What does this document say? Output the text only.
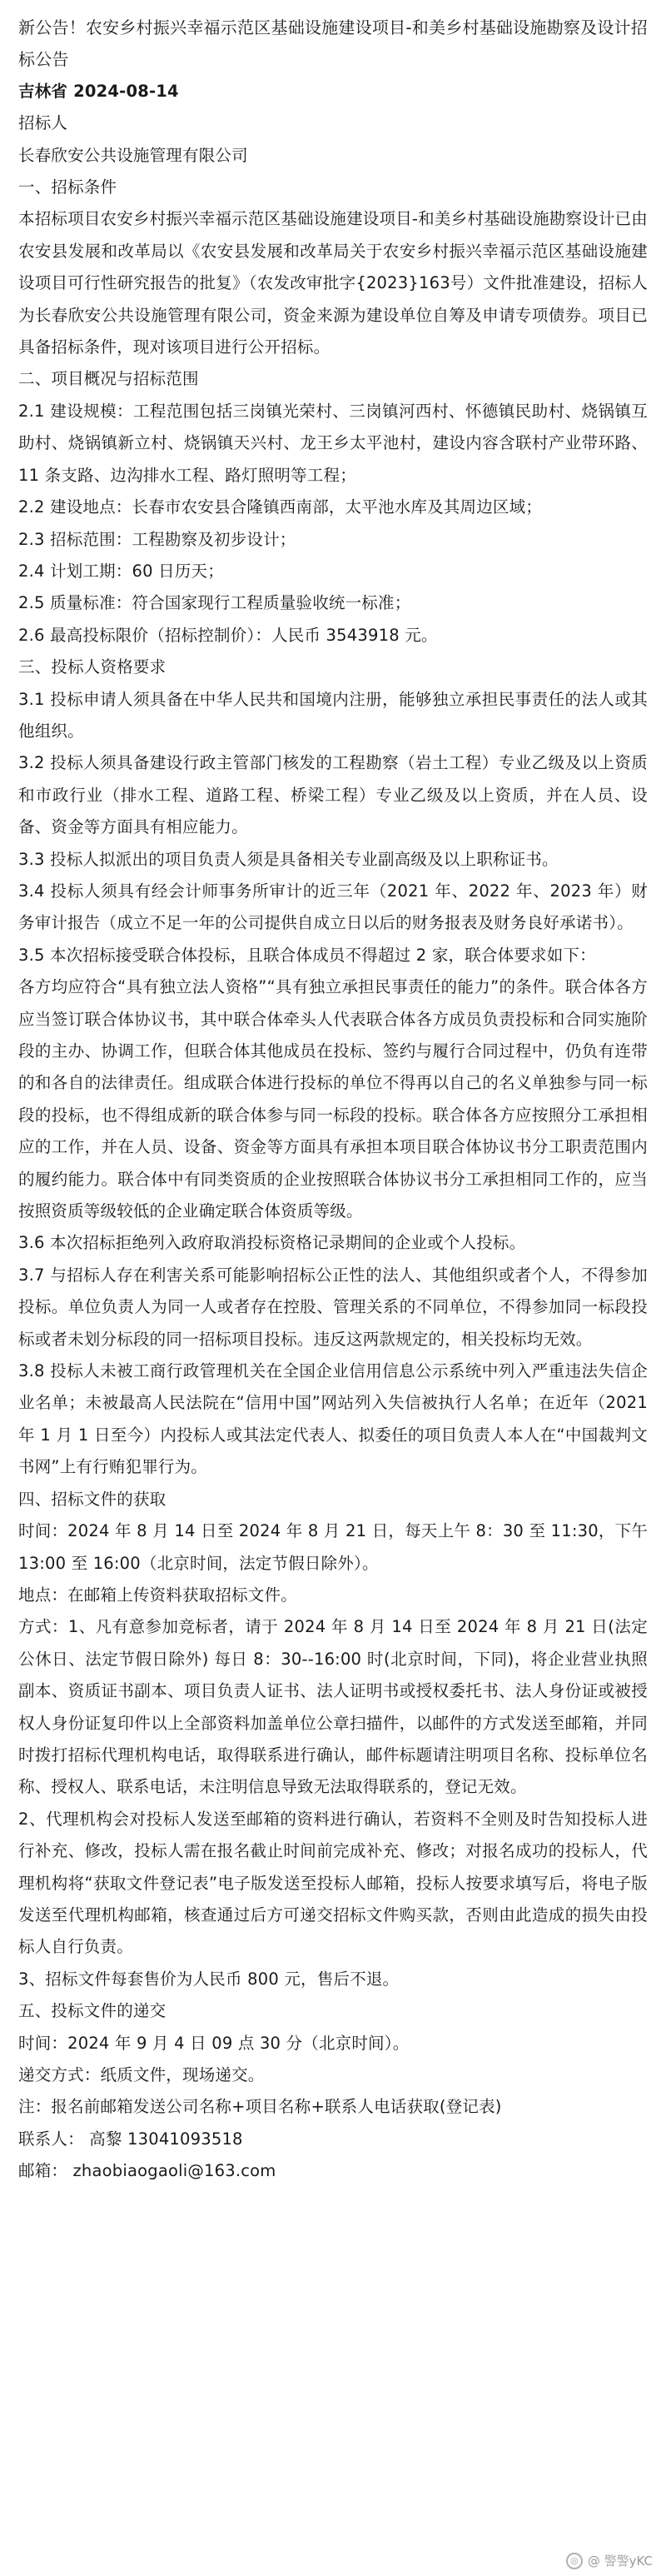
新公告！农安乡村振兴幸福示范区基础设施建设项目-和美乡村基础设施勘察及设计招标公告

吉林省 2024-08-14

招标人

长春欣安公共设施管理有限公司

一、招标条件

本招标项目农安乡村振兴幸福示范区基础设施建设项目-和美乡村基础设施勘察设计已由农安县发展和改革局以《农安县发展和改革局关于农安乡村振兴幸福示范区基础设施建设项目可行性研究报告的批复》（农发改审批字{2023}163号）文件批准建设，招标人为长春欣安公共设施管理有限公司，资金来源为建设单位自筹及申请专项债券。项目已具备招标条件，现对该项目进行公开招标。

二、项目概况与招标范围

2.1 建设规模：工程范围包括三岗镇光荣村、三岗镇河西村、怀德镇民助村、烧锅镇互助村、烧锅镇新立村、烧锅镇天兴村、龙王乡太平池村，建设内容含联村产业带环路、11 条支路、边沟排水工程、路灯照明等工程；

2.2 建设地点：长春市农安县合隆镇西南部，太平池水库及其周边区域；

2.3 招标范围：工程勘察及初步设计；

2.4 计划工期：60 日历天；

2.5 质量标准：符合国家现行工程质量验收统一标准；

2.6 最高投标限价（招标控制价）：人民币 3543918 元。

三、投标人资格要求

3.1 投标申请人须具备在中华人民共和国境内注册，能够独立承担民事责任的法人或其他组织。

3.2 投标人须具备建设行政主管部门核发的工程勘察（岩土工程）专业乙级及以上资质和市政行业（排水工程、道路工程、桥梁工程）专业乙级及以上资质，并在人员、设备、资金等方面具有相应能力。

3.3 投标人拟派出的项目负责人须是具备相关专业副高级及以上职称证书。

3.4 投标人须具有经会计师事务所审计的近三年（2021 年、2022 年、2023 年）财务审计报告（成立不足一年的公司提供自成立日以后的财务报表及财务良好承诺书）。

3.5 本次招标接受联合体投标，且联合体成员不得超过 2 家，联合体要求如下：

各方均应符合“具有独立法人资格”“具有独立承担民事责任的能力”的条件。联合体各方应当签订联合体协议书，其中联合体牵头人代表联合体各方成员负责投标和合同实施阶段的主办、协调工作，但联合体其他成员在投标、签约与履行合同过程中，仍负有连带的和各自的法律责任。组成联合体进行投标的单位不得再以自己的名义单独参与同一标段的投标，也不得组成新的联合体参与同一标段的投标。联合体各方应按照分工承担相应的工作，并在人员、设备、资金等方面具有承担本项目联合体协议书分工职责范围内的履约能力。联合体中有同类资质的企业按照联合体协议书分工承担相同工作的，应当按照资质等级较低的企业确定联合体资质等级。

3.6 本次招标拒绝列入政府取消投标资格记录期间的企业或个人投标。

3.7 与招标人存在利害关系可能影响招标公正性的法人、其他组织或者个人，不得参加投标。单位负责人为同一人或者存在控股、管理关系的不同单位，不得参加同一标段投标或者未划分标段的同一招标项目投标。违反这两款规定的，相关投标均无效。

3.8 投标人未被工商行政管理机关在全国企业信用信息公示系统中列入严重违法失信企业名单；未被最高人民法院在“信用中国”网站列入失信被执行人名单；在近年（2021 年 1 月 1 日至今）内投标人或其法定代表人、拟委任的项目负责人本人在“中国裁判文书网”上有行贿犯罪行为。

四、招标文件的获取

时间：2024 年 8 月 14 日至 2024 年 8 月 21 日，每天上午 8：30 至 11:30，下午 13:00 至 16:00（北京时间，法定节假日除外）。

地点：在邮箱上传资料获取招标文件。

方式：1、凡有意参加竞标者，请于 2024 年 8 月 14 日至 2024 年 8 月 21 日(法定公休日、法定节假日除外) 每日 8：30--16:00 时(北京时间，下同)，将企业营业执照副本、资质证书副本、项目负责人证书、法人证明书或授权委托书、法人身份证或被授权人身份证复印件以上全部资料加盖单位公章扫描件，以邮件的方式发送至邮箱，并同时拨打招标代理机构电话，取得联系进行确认，邮件标题请注明项目名称、投标单位名称、授权人、联系电话，未注明信息导致无法取得联系的，登记无效。

2、代理机构会对投标人发送至邮箱的资料进行确认，若资料不全则及时告知投标人进行补充、修改，投标人需在报名截止时间前完成补充、修改；对报名成功的投标人，代理机构将“获取文件登记表”电子版发送至投标人邮箱，投标人按要求填写后，将电子版发送至代理机构邮箱，核查通过后方可递交招标文件购买款，否则由此造成的损失由投标人自行负责。

3、招标文件每套售价为人民币 800 元，售后不退。

五、投标文件的递交

时间：2024 年 9 月 4 日 09 点 30 分（北京时间）。

递交方式：纸质文件，现场递交。

注：报名前邮箱发送公司名称+项目名称+联系人电话获取(登记表)

联系人： 高黎 13041093518

邮箱： zhaobiaogaoli@163.com

◎ @ 警警yKC
